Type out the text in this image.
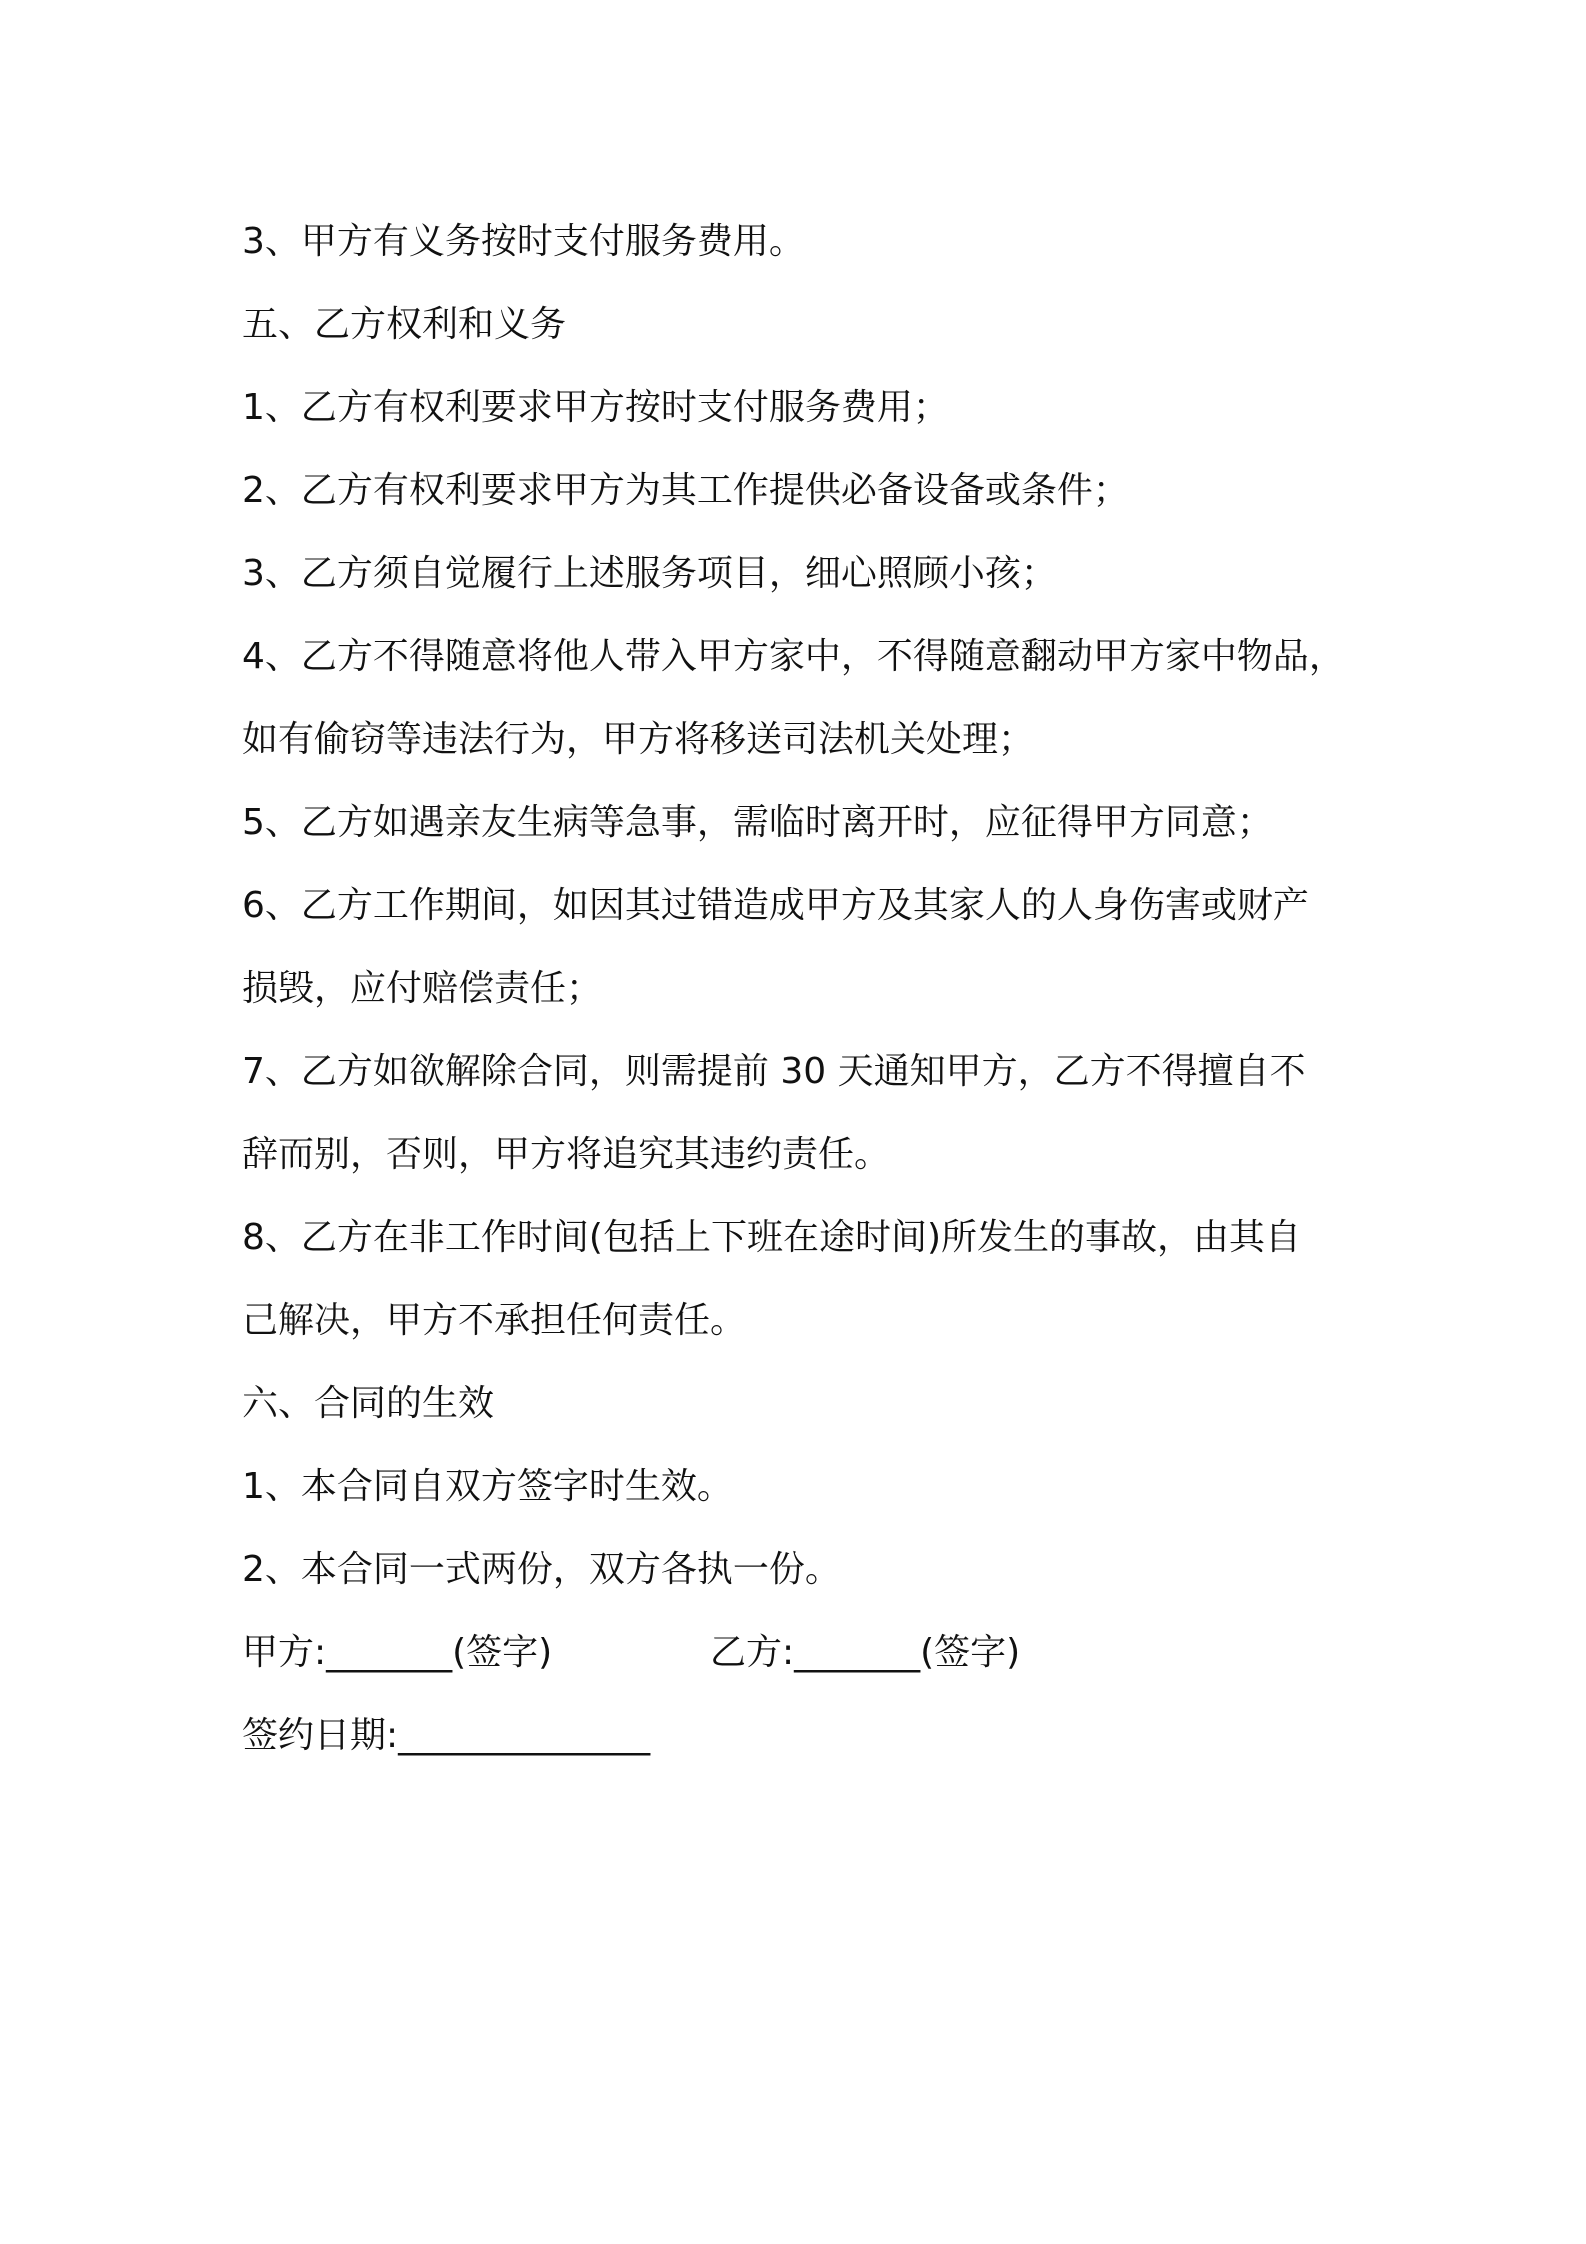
3、甲方有义务按时支付服务费用。

五、乙方权利和义务

1、乙方有权利要求甲方按时支付服务费用；

2、乙方有权利要求甲方为其工作提供必备设备或条件；

3、乙方须自觉履行上述服务项目，细心照顾小孩；

4、乙方不得随意将他人带入甲方家中，不得随意翻动甲方家中物品，

如有偷窃等违法行为，甲方将移送司法机关处理；

5、乙方如遇亲友生病等急事，需临时离开时，应征得甲方同意；

6、乙方工作期间，如因其过错造成甲方及其家人的人身伤害或财产

损毁，应付赔偿责任；

7、乙方如欲解除合同，则需提前 30 天通知甲方，乙方不得擅自不

辞而别，否则，甲方将追究其违约责任。

8、乙方在非工作时间(包括上下班在途时间)所发生的事故，由其自

己解决，甲方不承担任何责任。

六、合同的生效

1、本合同自双方签字时生效。

2、本合同一式两份，双方各执一份。

甲方:_______(签字)	乙方:_______(签字)

签约日期:______________
